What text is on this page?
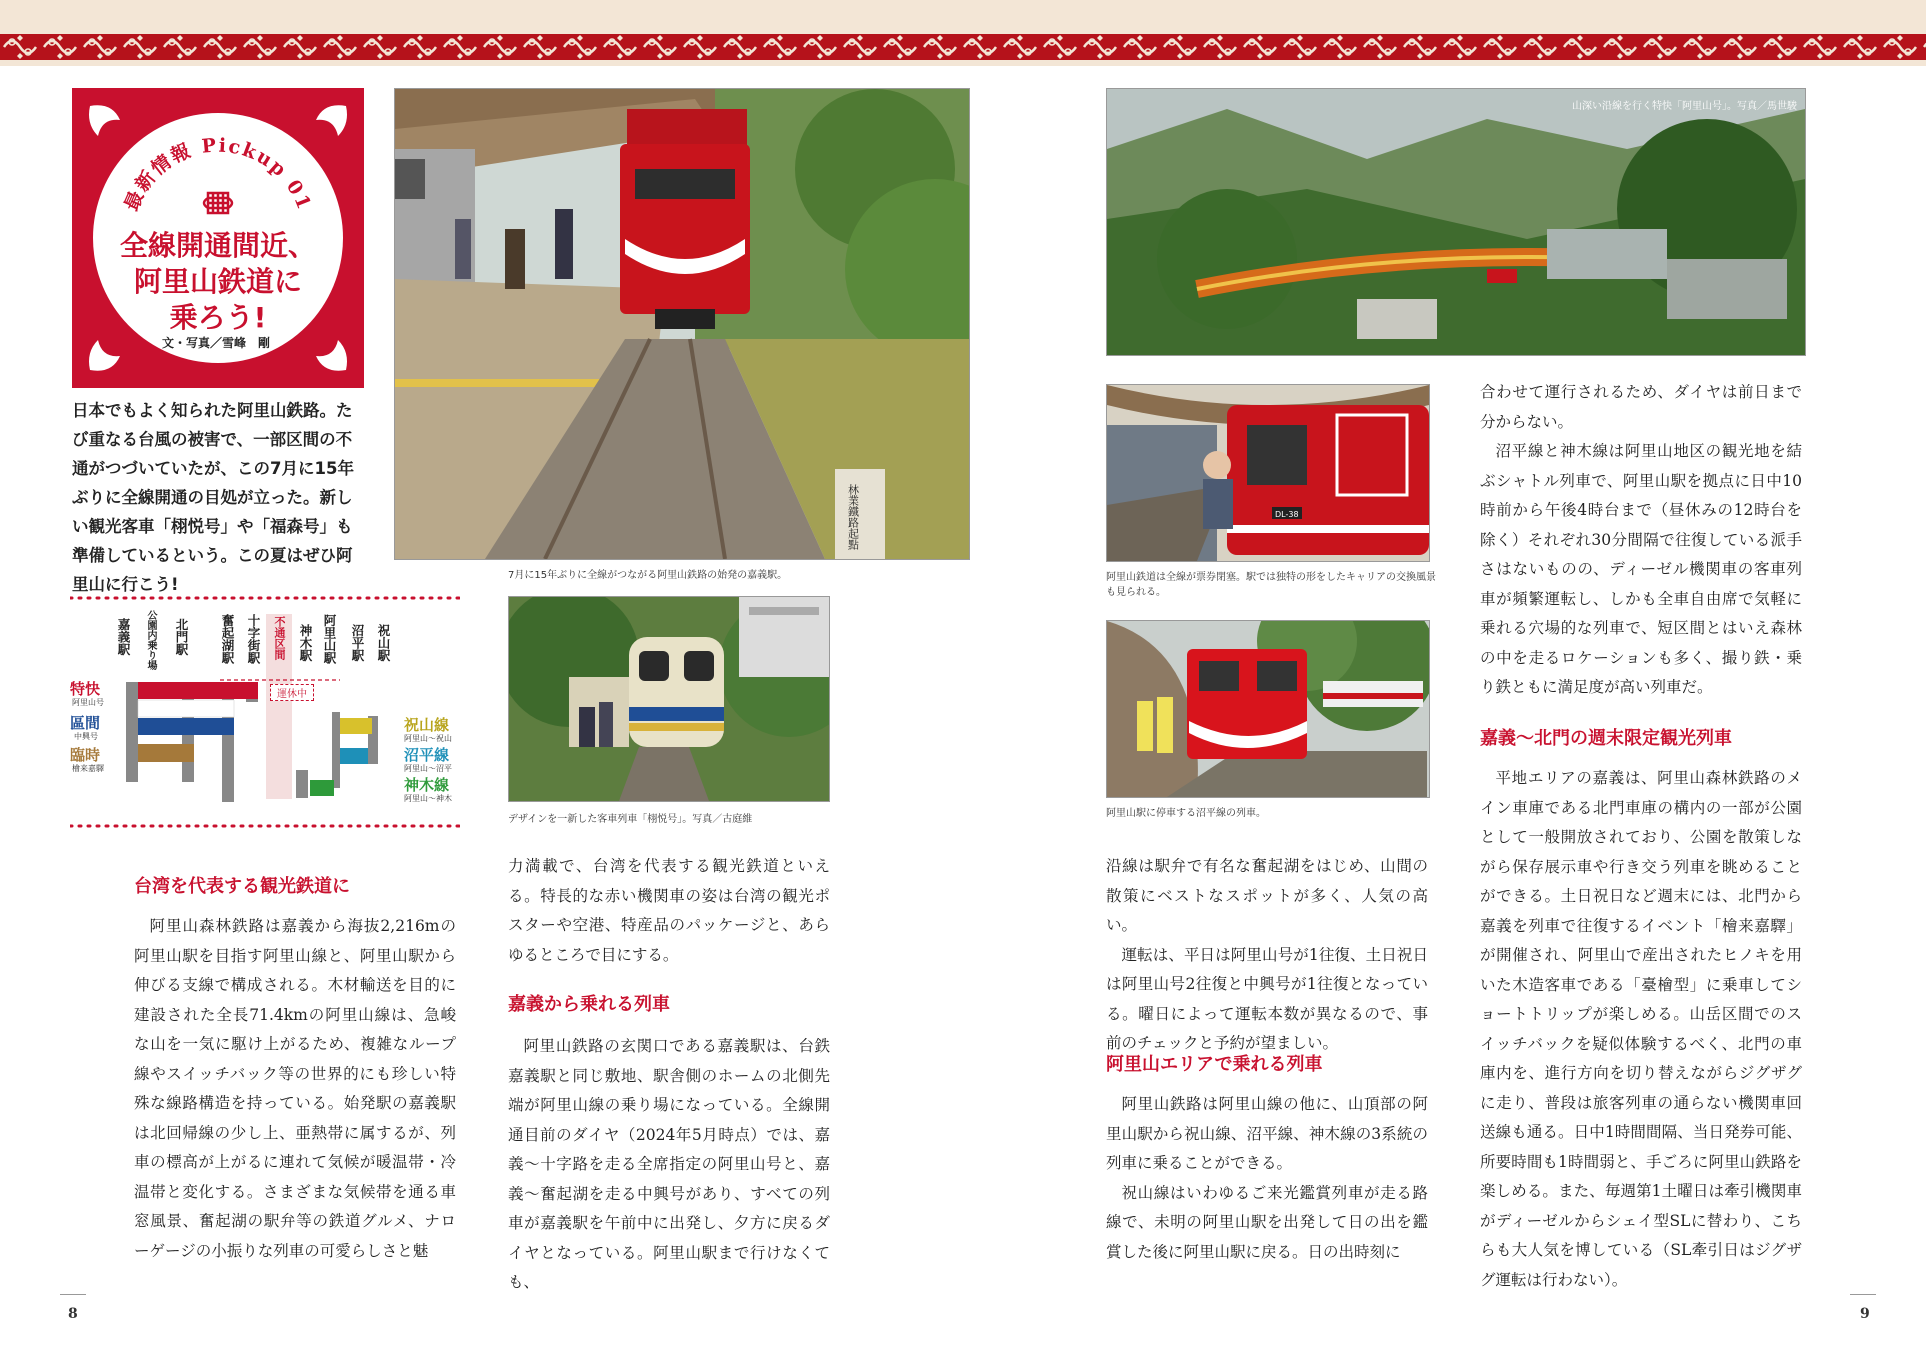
最新情報 Pickup 01
全線開通間近、
阿里山鉄道に
乗ろう!
文・写真／雪峰　剛
日本でもよく知られた阿里山鉄路。たび重なる台風の被害で、一部区間の不通がつづいていたが、この7月に15年ぶりに全線開通の目処が立った。新しい観光客車「栩悦号」や「福森号」も準備しているという。この夏はぜひ阿里山に行こう!
林業鐵路起點
7月に15年ぶりに全線がつながる阿里山鉄路の始発の嘉義駅。
嘉義駅 公園内乗り場 北門駅 奮起湖駅 十字街駅 不通区間 神木駅 阿里山駅 沼平駅 祝山駅
運休中
特快
阿里山号
區間
中興号
臨時
檜来嘉驛
祝山線
阿里山～祝山
沼平線
阿里山～沼平
神木線
阿里山～神木
デザインを一新した客車列車「栩悦号」。写真／古庭維
台湾を代表する観光鉄道に

阿里山森林鉄路は嘉義から海抜2,216mの阿里山駅を目指す阿里山線と、阿里山駅から伸びる支線で構成される。木材輸送を目的に建設された全長71.4kmの阿里山線は、急峻な山を一気に駆け上がるため、複雑なループ線やスイッチバック等の世界的にも珍しい特殊な線路構造を持っている。始発駅の嘉義駅は北回帰線の少し上、亜熱帯に属するが、列車の標高が上がるに連れて気候が暖温帯・冷温帯と変化する。さまざまな気候帯を通る車窓風景、奮起湖の駅弁等の鉄道グルメ、ナローゲージの小振りな列車の可愛らしさと魅

力満載で、台湾を代表する観光鉄道といえる。特長的な赤い機関車の姿は台湾の観光ポスターや空港、特産品のパッケージと、あらゆるところで目にする。

嘉義から乗れる列車

阿里山鉄路の玄関口である嘉義駅は、台鉄嘉義駅と同じ敷地、駅舎側のホームの北側先端が阿里山線の乗り場になっている。全線開通目前のダイヤ（2024年5月時点）では、嘉義～十字路を走る全席指定の阿里山号と、嘉義～奮起湖を走る中興号があり、すべての列車が嘉義駅を午前中に出発し、夕方に戻るダイヤとなっている。阿里山駅まで行けなくても、

山深い沿線を行く特快「阿里山号」。写真／馬世駿
DL-38
阿里山鉄道は全線が票券閉塞。駅では独特の形をしたキャリアの交換風景も見られる。
阿里山駅に停車する沼平線の列車。

沿線は駅弁で有名な奮起湖をはじめ、山間の散策にベストなスポットが多く、人気の高い。

運転は、平日は阿里山号が1往復、土日祝日は阿里山号2往復と中興号が1往復となっている。曜日によって運転本数が異なるので、事前のチェックと予約が望ましい。

阿里山エリアで乗れる列車

阿里山鉄路は阿里山線の他に、山頂部の阿里山駅から祝山線、沼平線、神木線の3系統の列車に乗ることができる。

祝山線はいわゆるご来光鑑賞列車が走る路線で、未明の阿里山駅を出発して日の出を鑑賞した後に阿里山駅に戻る。日の出時刻に

合わせて運行されるため、ダイヤは前日まで分からない。

沼平線と神木線は阿里山地区の観光地を結ぶシャトル列車で、阿里山駅を拠点に日中10時前から午後4時台まで（昼休みの12時台を除く）それぞれ30分間隔で往復している派手さはないものの、ディーゼル機関車の客車列車が頻繁運転し、しかも全車自由席で気軽に乗れる穴場的な列車で、短区間とはいえ森林の中を走るロケーションも多く、撮り鉄・乗り鉄ともに満足度が高い列車だ。

嘉義～北門の週末限定観光列車

平地エリアの嘉義は、阿里山森林鉄路のメイン車庫である北門車庫の構内の一部が公園として一般開放されており、公園を散策しながら保存展示車や行き交う列車を眺めることができる。土日祝日など週末には、北門から嘉義を列車で往復するイベント「檜来嘉驛」が開催され、阿里山で産出されたヒノキを用いた木造客車である「臺檜型」に乗車してショートトリップが楽しめる。山岳区間でのスイッチバックを疑似体験するべく、北門の車庫内を、進行方向を切り替えながらジグザグに走り、普段は旅客列車の通らない機関車回送線も通る。日中1時間間隔、当日発券可能、所要時間も1時間弱と、手ごろに阿里山鉄路を楽しめる。また、毎週第1土曜日は牽引機関車がディーゼルからシェイ型SLに替わり、こちらも大人気を博している（SL牽引日はジグザグ運転は行わない）。

8	9
